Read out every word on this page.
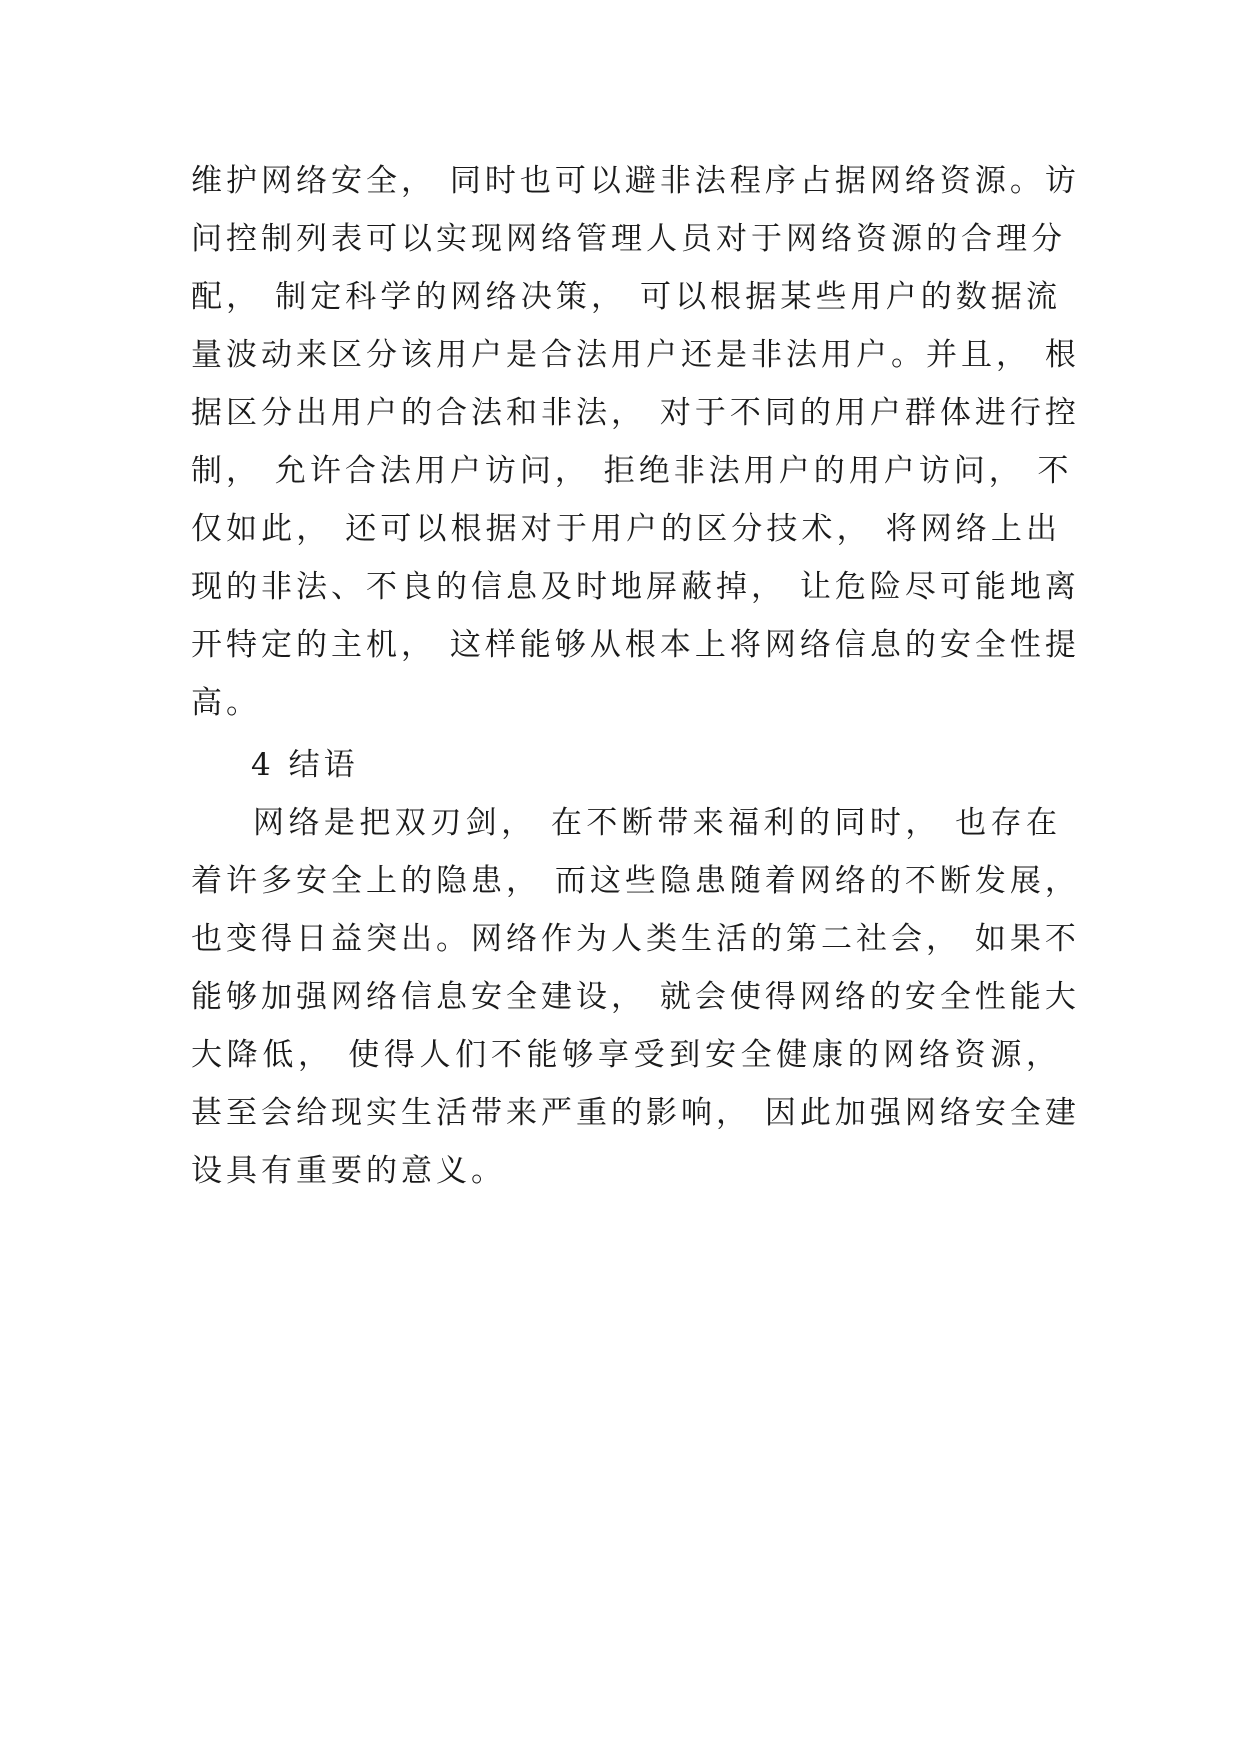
维护网络安全， 同时也可以避非法程序占据网络资源。访
问控制列表可以实现网络管理人员对于网络资源的合理分
配， 制定科学的网络决策， 可以根据某些用户的数据流
量波动来区分该用户是合法用户还是非法用户。并且， 根
据区分出用户的合法和非法， 对于不同的用户群体进行控
制， 允许合法用户访问， 拒绝非法用户的用户访问， 不
仅如此， 还可以根据对于用户的区分技术， 将网络上出
现的非法、不良的信息及时地屏蔽掉， 让危险尽可能地离
开特定的主机， 这样能够从根本上将网络信息的安全性提
高。
4 结语
网络是把双刃剑， 在不断带来福利的同时， 也存在
着许多安全上的隐患， 而这些隐患随着网络的不断发展，
也变得日益突出。网络作为人类生活的第二社会， 如果不
能够加强网络信息安全建设， 就会使得网络的安全性能大
大降低， 使得人们不能够享受到安全健康的网络资源，
甚至会给现实生活带来严重的影响， 因此加强网络安全建
设具有重要的意义。
